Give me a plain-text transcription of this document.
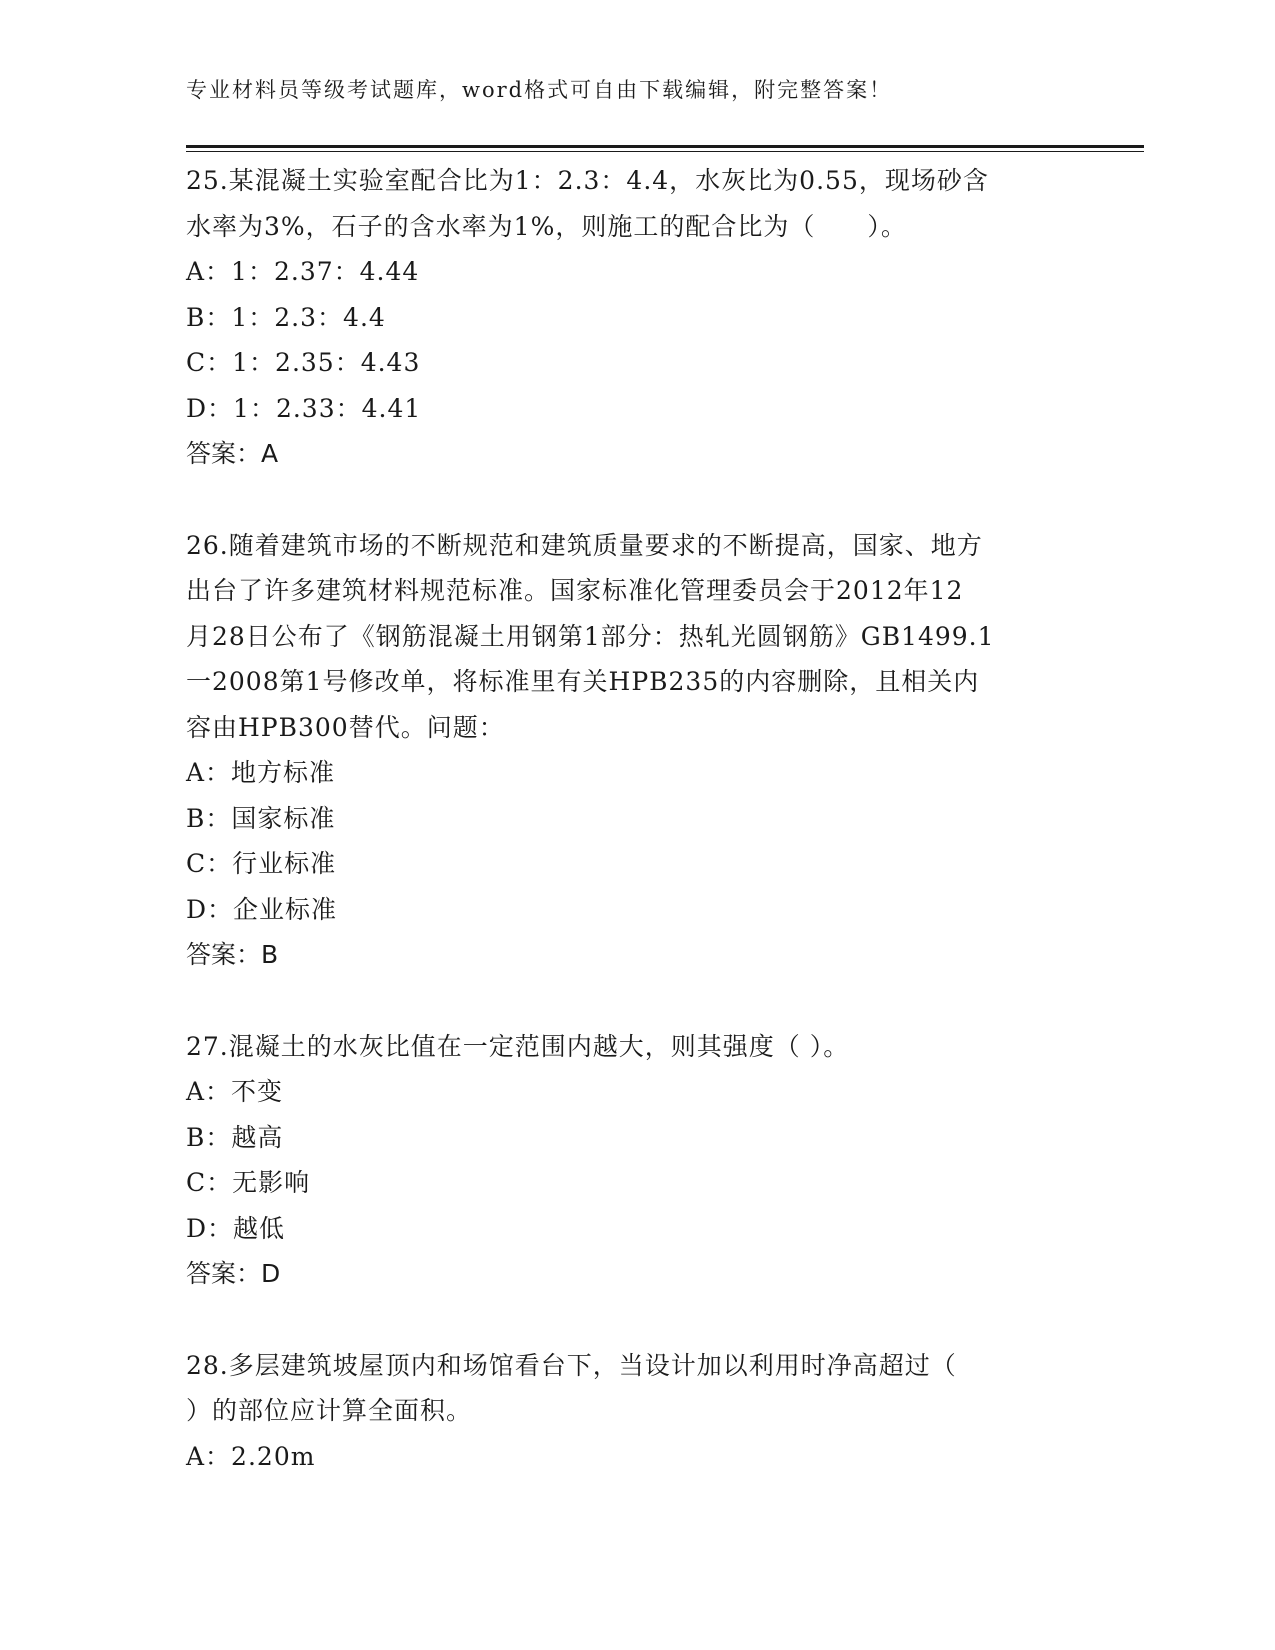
专业材料员等级考试题库，word格式可自由下载编辑，附完整答案！
25.某混凝土实验室配合比为1：2.3：4.4，水灰比为0.55，现场砂含
水率为3%，石子的含水率为1%，则施工的配合比为（　　）。
A：1：2.37：4.44
B：1：2.3：4.4
C：1：2.35：4.43
D：1：2.33：4.41
答案：A
26.随着建筑市场的不断规范和建筑质量要求的不断提高，国家、地方
出台了许多建筑材料规范标准。国家标准化管理委员会于2012年12
月28日公布了《钢筋混凝土用钢第1部分：热轧光圆钢筋》GB1499.1
一2008第1号修改单，将标准里有关HPB235的内容删除，且相关内
容由HPB300替代。问题：
A：地方标准
B：国家标准
C：行业标准
D：企业标准
答案：B
27.混凝土的水灰比值在一定范围内越大，则其强度（ ）。
A：不变
B：越高
C：无影响
D：越低
答案：D
28.多层建筑坡屋顶内和场馆看台下，当设计加以利用时净高超过（
）的部位应计算全面积。
A：2.20m
